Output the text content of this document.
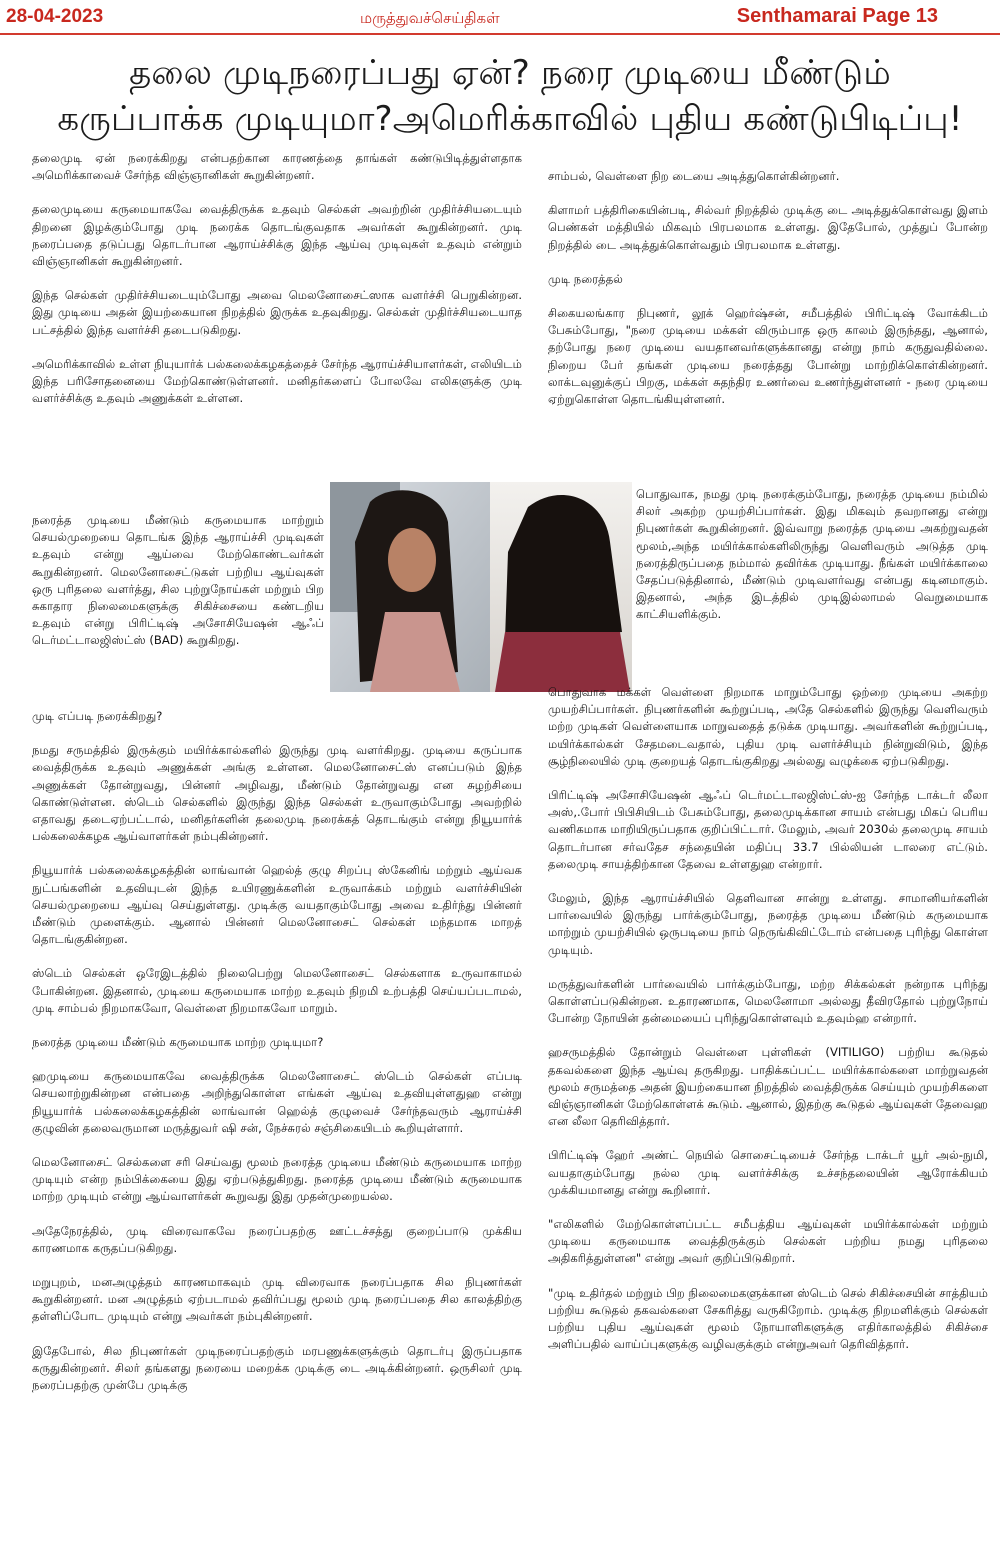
28-04-2023	மருத்துவச்செய்திகள்	Senthamarai Page 13
தலை முடிநரைப்பது ஏன்? நரை முடியை மீண்டும்
கருப்பாக்க முடியுமா?அமெரிக்காவில் புதிய கண்டுபிடிப்பு!

தலைமுடி ஏன் நரைக்கிறது என்பதற்கான காரணத்தை தாங்கள் கண்டுபிடித்துள்ளதாக அமெரிக்காவைச் சேர்ந்த விஞ்ஞானிகள் கூறுகின்றனர்.

தலைமுடியை கருமையாகவே வைத்திருக்க உதவும் செல்கள் அவற்றின் முதிர்ச்சியடையும் திறனை இழக்கும்போது முடி நரைக்க தொடங்குவதாக அவர்கள் கூறுகின்றனர். முடி நரைப்பதை தடுப்பது தொடர்பான ஆராய்ச்சிக்கு இந்த ஆய்வு முடிவுகள் உதவும் என்றும் விஞ்ஞானிகள் கூறுகின்றனர்.

இந்த செல்கள் முதிர்ச்சியடையும்போது அவை மெலனோசைட்ஸாக வளர்ச்சி பெறுகின்றன. இது முடியை அதன் இயற்கையான நிறத்தில் இருக்க உதவுகிறது. செல்கள் முதிர்ச்சியடையாத பட்சத்தில் இந்த வளர்ச்சி தடைபடுகிறது.

அமெரிக்காவில் உள்ள நியுயார்க் பல்கலைக்கழகத்தைச் சேர்ந்த ஆராய்ச்சியாளர்கள், எலியிடம் இந்த பரிசோதனையை மேற்கொண்டுள்ளனர். மனிதர்களைப் போலவே எலிகளுக்கு முடி வளர்ச்சிக்கு உதவும் அணுக்கள் உள்ளன.

நரைத்த முடியை மீண்டும் கருமையாக மாற்றும் செயல்முறையை தொடங்க இந்த ஆராய்ச்சி முடிவுகள் உதவும் என்று ஆய்வை மேற்கொண்டவர்கள் கூறுகின்றனர். மெலனோசைட்டுகள் பற்றிய ஆய்வுகள் ஒரு புரிதலை வளர்த்து, சில புற்றுநோய்கள் மற்றும் பிற சுகாதார நிலைமைகளுக்கு சிகிச்சையை கண்டறிய உதவும் என்று பிரிட்டிஷ் அசோசியேஷன் ஆஃப் டெர்மட்டாலஜிஸ்ட்ஸ் (BAD) கூறுகிறது.

முடி எப்படி நரைக்கிறது?

நமது சருமத்தில் இருக்கும் மயிர்க்கால்களில் இருந்து முடி வளர்கிறது. முடியை கருப்பாக வைத்திருக்க உதவும் அணுக்கள் அங்கு உள்ளன. மெலனோசைட்ஸ் எனப்படும் இந்த அணுக்கள் தோன்றுவது, பின்னர் அழிவது, மீண்டும் தோன்றுவது என சுழற்சியை கொண்டுள்ளன. ஸ்டெம் செல்களில் இருந்து இந்த செல்கள் உருவாகும்போது அவற்றில் எதாவது தடைஏற்பட்டால், மனிதர்களின் தலைமுடி நரைக்கத் தொடங்கும் என்று நியூயார்க் பல்கலைக்கழக ஆய்வாளர்கள் நம்புகின்றனர்.

நியூயார்க் பல்கலைக்கழகத்தின் லாங்வான் ஹெல்த் குழு சிறப்பு ஸ்கேனிங் மற்றும் ஆய்வக நுட்பங்களின் உதவியுடன் இந்த உயிரணுக்களின் உருவாக்கம் மற்றும் வளர்ச்சியின் செயல்முறையை ஆய்வு செய்துள்ளது. முடிக்கு வயதாகும்போது அவை உதிர்ந்து பின்னர் மீண்டும் முளைக்கும். ஆனால் பின்னர் மெலனோசைட் செல்கள் மந்தமாக மாறத் தொடங்குகின்றன.

ஸ்டெம் செல்கள் ஒரேஇடத்தில் நிலைபெற்று மெலனோசைட் செல்களாக உருவாகாமல் போகின்றன. இதனால், முடியை கருமையாக மாற்ற உதவும் நிறமி உற்பத்தி செய்யப்படாமல், முடி சாம்பல் நிறமாகவோ, வெள்ளை நிறமாகவோ மாறும்.

நரைத்த முடியை மீண்டும் கருமையாக மாற்ற முடியுமா?

ஹமுடியை கருமையாகவே வைத்திருக்க மெலனோசைட் ஸ்டெம் செல்கள் எப்படி செயலாற்றுகின்றன என்பதை அறிந்துகொள்ள எங்கள் ஆய்வு உதவியுள்ளதுஹ என்று நியூயார்க் பல்கலைக்கழகத்தின் லாங்வான் ஹெல்த் குழுவைச் சேர்ந்தவரும் ஆராய்ச்சி குழுவின் தலைவருமான மருத்துவர் ஷி சன், நேச்சுரல் சஞ்சிகையிடம் கூறியுள்ளார்.

மெலனோசைட் செல்களை சரி செய்வது மூலம் நரைத்த முடியை மீண்டும் கருமையாக மாற்ற முடியும் என்ற நம்பிக்கையை இது ஏற்படுத்துகிறது. நரைத்த முடியை மீண்டும் கருமையாக மாற்ற முடியும் என்று ஆய்வாளர்கள் கூறுவது இது முதன்முறையல்ல.

அதேநேரத்தில், முடி விரைவாகவே நரைப்பதற்கு ஊட்டச்சத்து குறைப்பாடு முக்கிய காரணமாக கருதப்படுகிறது.

மறுபுறம், மனஅழுத்தம் காரணமாகவும் முடி விரைவாக நரைப்பதாக சில நிபுணர்கள் கூறுகின்றனர். மன அழுத்தம் ஏற்படாமல் தவிர்ப்பது மூலம் முடி நரைப்பதை சில காலத்திற்கு தள்ளிப்போட முடியும் என்று அவர்கள் நம்புகின்றனர்.

இதேபோல், சில நிபுணர்கள் முடிநரைப்பதற்கும் மரபணுக்களுக்கும் தொடர்பு இருப்பதாக கருதுகின்றனர். சிலர் தங்களது நரையை மறைக்க முடிக்கு டை அடிக்கின்றனர். ஒருசிலர் முடி நரைப்பதற்கு முன்பே முடிக்கு

சாம்பல், வெள்ளை நிற டையை அடித்துகொள்கின்றனர்.

கிளாமர் பத்திரிகையின்படி, சில்வர் நிறத்தில் முடிக்கு டை அடித்துக்கொள்வது இளம் பெண்கள் மத்தியில் மிகவும் பிரபலமாக உள்ளது. இதேபோல், முத்துப் போன்ற நிறத்தில் டை அடித்துக்கொள்வதும் பிரபலமாக உள்ளது.

முடி நரைத்தல்

சிகையலங்கார நிபுணர், லூக் ஹெர்ஷ்சன், சமீபத்தில் பிரிட்டிஷ் வோக்கிடம் பேசும்போது, "நரை முடியை மக்கள் விரும்பாத ஒரு காலம் இருந்தது, ஆனால், தற்போது நரை முடியை வயதானவர்களுக்கானது என்று நாம் கருதுவதில்லை. நிறைய பேர் தங்கள் முடியை நரைத்தது போன்று மாற்றிக்கொள்கின்றனர். லாக்டவுனுக்குப் பிறகு, மக்கள் சுதந்திர உணர்வை உணர்ந்துள்ளனர் - நரை முடியை ஏற்றுகொள்ள தொடங்கியுள்ளனர்.

பொதுவாக, நமது முடி நரைக்கும்போது, நரைத்த முடியை நம்மில் சிலர் அகற்ற முயற்சிப்பார்கள். இது மிகவும் தவறானது என்று நிபுணர்கள் கூறுகின்றனர். இவ்வாறு நரைத்த முடியை அகற்றுவதன் மூலம்,அந்த மயிர்க்கால்களிலிருந்து வெளிவரும் அடுத்த முடி நரைத்திருப்பதை நம்மால் தவிர்க்க முடியாது. நீங்கள் மயிர்க்காலை சேதப்படுத்தினால், மீண்டும் முடிவளர்வது என்பது கடினமாகும். இதனால், அந்த இடத்தில் முடிஇல்லாமல் வெறுமையாக காட்சியளிக்கும்.

பொதுவாக மக்கள் வெள்ளை நிறமாக மாறும்போது ஒற்றை முடியை அகற்ற முயற்சிப்பார்கள். நிபுணர்களின் கூற்றுப்படி, அதே செல்களில் இருந்து வெளிவரும் மற்ற முடிகள் வெள்ளையாக மாறுவதைத் தடுக்க முடியாது. அவர்களின் கூற்றுப்படி, மயிர்க்கால்கள் சேதமடைவதால், புதிய முடி வளர்ச்சியும் நின்றுவிடும், இந்த சூழ்நிலையில் முடி குறையத் தொடங்குகிறது அல்லது வழுக்கை ஏற்படுகிறது.

பிரிட்டிஷ் அசோசியேஷன் ஆஃப் டெர்மட்டாலஜிஸ்ட்ஸ்-ஐ சேர்ந்த டாக்டர் லீலா அஸ்,.போர் பிபிசியிடம் பேசும்போது, தலைமுடிக்கான சாயம் என்பது மிகப் பெரிய வணிகமாக மாறியிருப்பதாக குறிப்பிட்டார். மேலும், அவர் 2030ல் தலைமுடி சாயம் தொடர்பான சர்வதேச சந்தையின் மதிப்பு 33.7 பில்லியன் டாலரை எட்டும். தலைமுடி சாயத்திற்கான தேவை உள்ளதுஹ என்றார்.

மேலும், இந்த ஆராய்ச்சியில் தெளிவான சான்று உள்ளது. சாமானியர்களின் பார்வையில் இருந்து பார்க்கும்போது, நரைத்த முடியை மீண்டும் கருமையாக மாற்றும் முயற்சியில் ஒருபடியை நாம் நெருங்கிவிட்டோம் என்பதை புரிந்து கொள்ள முடியும்.

மருத்துவர்களின் பார்வையில் பார்க்கும்போது, மற்ற சிக்கல்கள் நன்றாக புரிந்து கொள்ளப்படுகின்றன. உதாரணமாக, மெலனோமா அல்லது தீவிரதோல் புற்றுநோய் போன்ற நோயின் தன்மையைப் புரிந்துகொள்ளவும் உதவும்ஹ என்றார்.

ஹசருமத்தில் தோன்றும் வெள்ளை புள்ளிகள் (VITILIGO) பற்றிய கூடுதல் தகவல்களை இந்த ஆய்வு தருகிறது. பாதிக்கப்பட்ட மயிர்க்கால்களை மாற்றுவதன் மூலம் சருமத்தை அதன் இயற்கையான நிறத்தில் வைத்திருக்க செய்யும் முயற்சிகளை விஞ்ஞானிகள் மேற்கொள்ளக் கூடும். ஆனால், இதற்கு கூடுதல் ஆய்வுகள் தேவைஹ என லீலா தெரிவித்தார்.

பிரிட்டிஷ் ஹேர் அண்ட் நெயில் சொசைட்டியைச் சேர்ந்த டாக்டர் யூர் அல்-நுமி, வயதாகும்போது நல்ல முடி வளர்ச்சிக்கு உச்சந்தலையின் ஆரோக்கியம் முக்கியமானது என்று கூறினார்.

"எலிகளில் மேற்கொள்ளப்பட்ட சமீபத்திய ஆய்வுகள் மயிர்க்கால்கள் மற்றும் முடியை கருமையாக வைத்திருக்கும் செல்கள் பற்றிய நமது புரிதலை அதிகரித்துள்ளன" என்று அவர் குறிப்பிடுகிறார்.

"முடி உதிர்தல் மற்றும் பிற நிலைமைகளுக்கான ஸ்டெம் செல் சிகிச்சையின் சாத்தியம் பற்றிய கூடுதல் தகவல்களை சேகரித்து வருகிறோம். முடிக்கு நிறமளிக்கும் செல்கள் பற்றிய புதிய ஆய்வுகள் மூலம் நோயாளிகளுக்கு எதிர்காலத்தில் சிகிச்சை அளிப்பதில் வாய்ப்புகளுக்கு வழிவகுக்கும் என்றுஅவர் தெரிவித்தார்.
